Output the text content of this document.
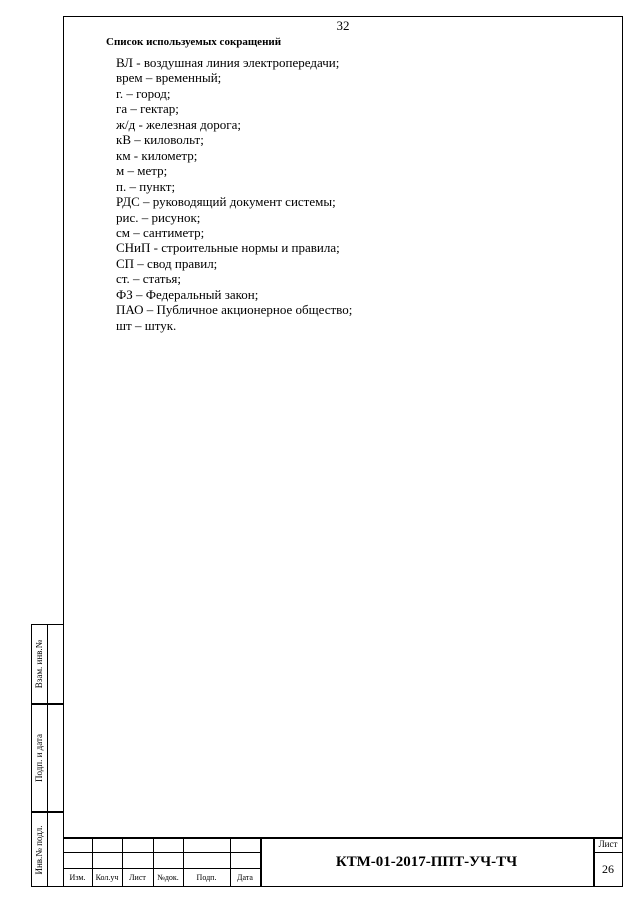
32
Список используемых сокращений
ВЛ - воздушная линия электропередачи;
врем – временный;
г. – город;
га – гектар;
ж/д - железная дорога;
кВ – киловольт;
км - километр;
м – метр;
п. – пункт;
РДС – руководящий документ системы;
рис. – рисунок;
см – сантиметр;
СНиП - строительные нормы и правила;
СП – свод правил;
ст. – статья;
ФЗ – Федеральный закон;
ПАО – Публичное акционерное общество;
шт – штук.
Взам. инв.№
Подп. и дата
Инв.№ подл.
Изм.	Кол.уч	Лист	№док.	Подп.	Дата
КТМ-01-2017-ППТ-УЧ-ТЧ
Лист
26
